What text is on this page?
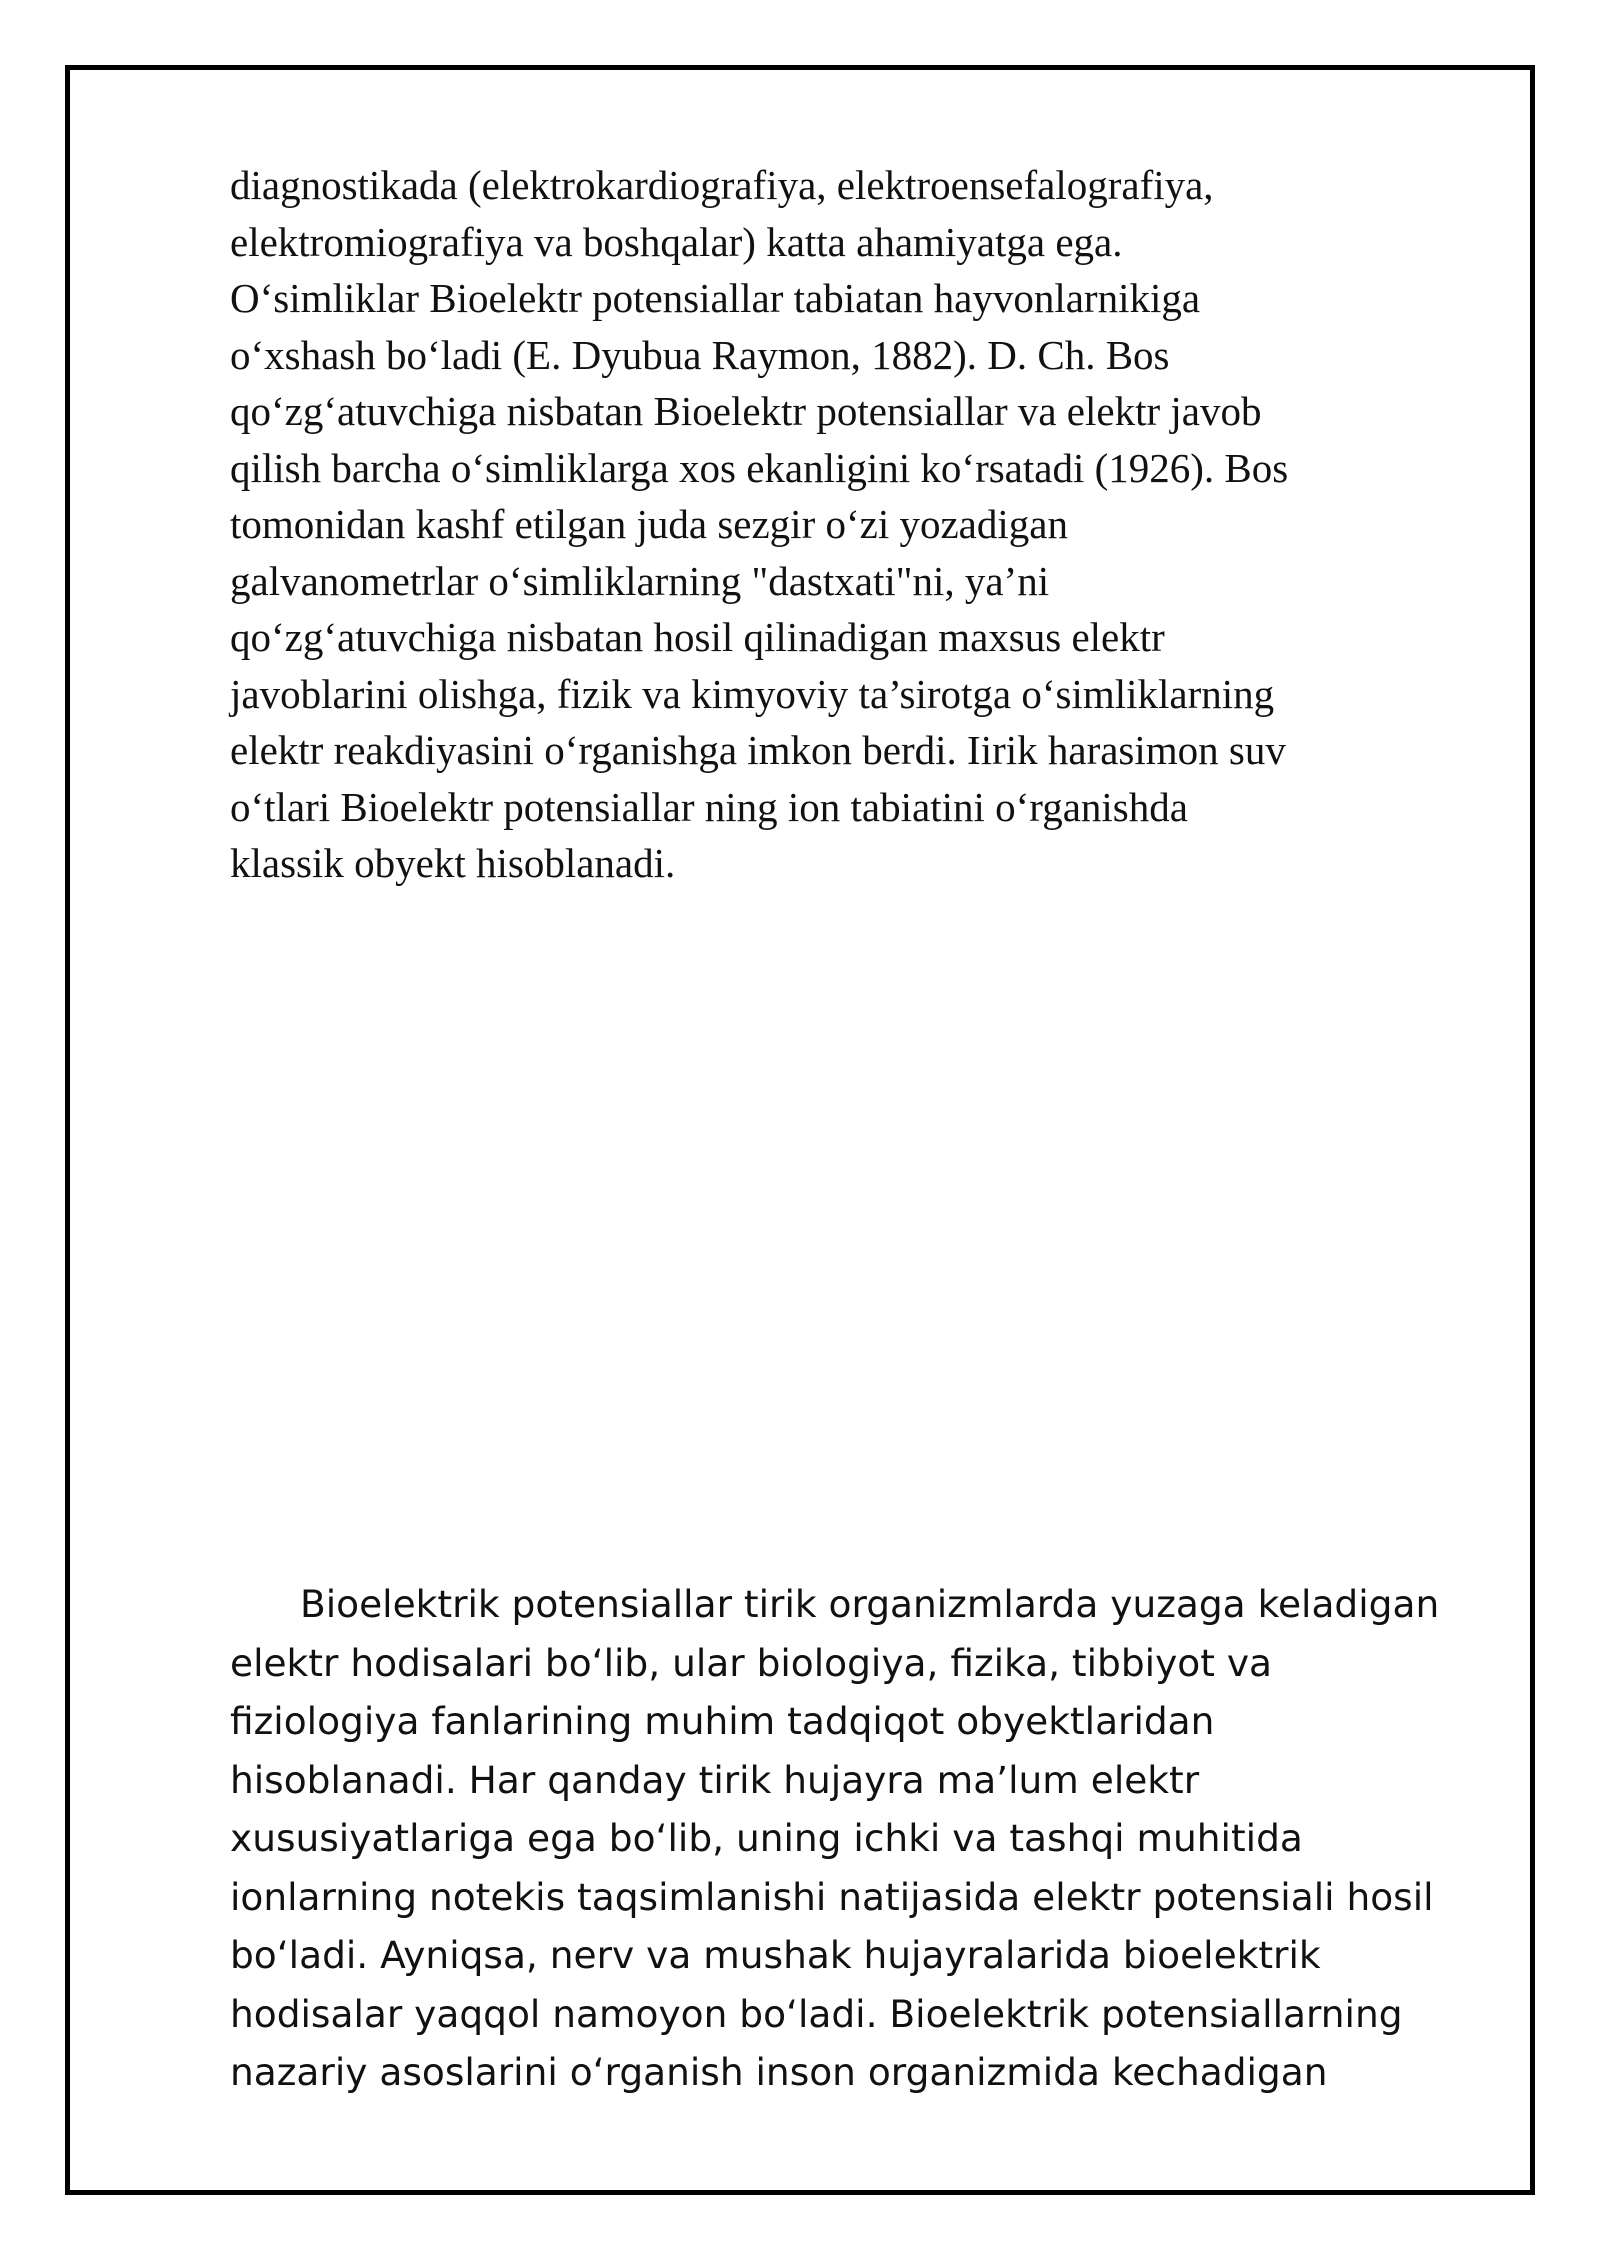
diagnostikada (elektrokardiografiya, elektroensefalografiya,
elektromiografiya va boshqalar) katta ahamiyatga ega.
O‘simliklar Bioelektr potensiallar tabiatan hayvonlarnikiga
o‘xshash bo‘ladi (E. Dyubua Raymon, 1882). D. Ch. Bos
qo‘zg‘atuvchiga nisbatan Bioelektr potensiallar va elektr javob
qilish barcha o‘simliklarga xos ekanligini ko‘rsatadi (1926). Bos
tomonidan kashf etilgan juda sezgir o‘zi yozadigan
galvanometrlar o‘simliklarning "dastxati"ni, ya’ni
qo‘zg‘atuvchiga nisbatan hosil qilinadigan maxsus elektr
javoblarini olishga, fizik va kimyoviy ta’sirotga o‘simliklarning
elektr reakdiyasini o‘rganishga imkon berdi. Iirik harasimon suv
o‘tlari Bioelektr potensiallar ning ion tabiatini o‘rganishda
klassik obyekt hisoblanadi.
Bioelektrik potensiallar tirik organizmlarda yuzaga keladigan
elektr hodisalari boʻlib, ular biologiya, fizika, tibbiyot va
fiziologiya fanlarining muhim tadqiqot obyektlaridan
hisoblanadi. Har qanday tirik hujayra maʼlum elektr
xususiyatlariga ega boʻlib, uning ichki va tashqi muhitida
ionlarning notekis taqsimlanishi natijasida elektr potensiali hosil
boʻladi. Ayniqsa, nerv va mushak hujayralarida bioelektrik
hodisalar yaqqol namoyon boʻladi. Bioelektrik potensiallarning
nazariy asoslarini oʻrganish inson organizmida kechadigan
